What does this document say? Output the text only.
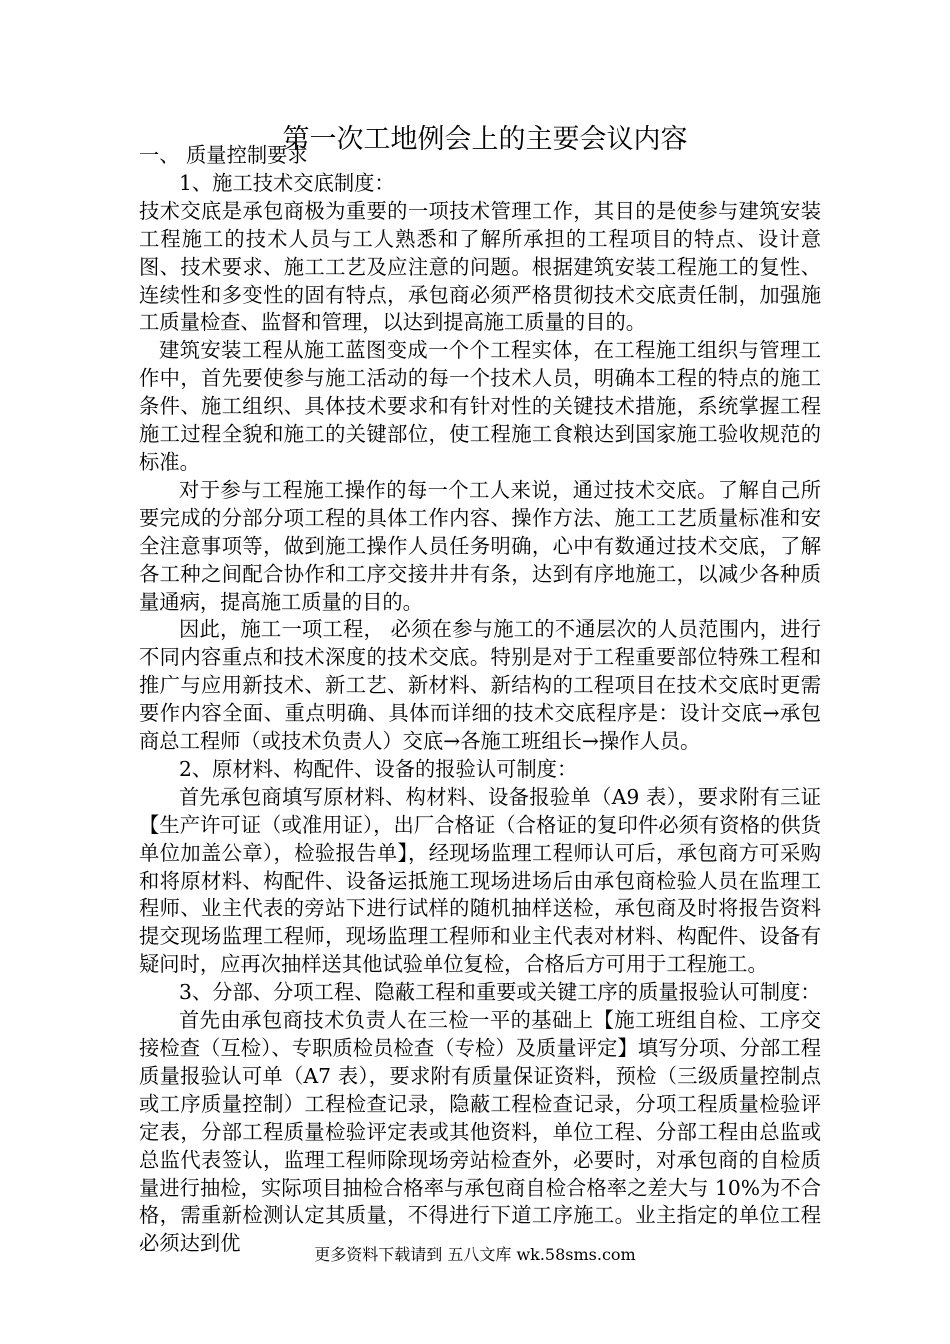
第一次工地例会上的主要会议内容

一、 质量控制要求

1、施工技术交底制度：

技术交底是承包商极为重要的一项技术管理工作，其目的是使参与建筑安装工程施工的技术人员与工人熟悉和了解所承担的工程项目的特点、设计意图、技术要求、施工工艺及应注意的问题。根据建筑安装工程施工的复性、连续性和多变性的固有特点，承包商必须严格贯彻技术交底责任制，加强施工质量检查、监督和管理，以达到提高施工质量的目的。

建筑安装工程从施工蓝图变成一个个工程实体，在工程施工组织与管理工作中，首先要使参与施工活动的每一个技术人员，明确本工程的特点的施工条件、施工组织、具体技术要求和有针对性的关键技术措施，系统掌握工程施工过程全貌和施工的关键部位，使工程施工食粮达到国家施工验收规范的标准。

对于参与工程施工操作的每一个工人来说，通过技术交底。了解自己所要完成的分部分项工程的具体工作内容、操作方法、施工工艺质量标准和安全注意事项等，做到施工操作人员任务明确，心中有数通过技术交底，了解各工种之间配合协作和工序交接井井有条，达到有序地施工，以减少各种质量通病，提高施工质量的目的。

因此，施工一项工程， 必须在参与施工的不通层次的人员范围内，进行不同内容重点和技术深度的技术交底。特别是对于工程重要部位特殊工程和推广与应用新技术、新工艺、新材料、新结构的工程项目在技术交底时更需要作内容全面、重点明确、具体而详细的技术交底程序是：设计交底→承包商总工程师（或技术负责人）交底→各施工班组长→操作人员。

2、原材料、构配件、设备的报验认可制度：

首先承包商填写原材料、构材料、设备报验单（A9 表），要求附有三证【生产许可证（或准用证），出厂合格证（合格证的复印件必须有资格的供货单位加盖公章），检验报告单】，经现场监理工程师认可后，承包商方可采购和将原材料、构配件、设备运抵施工现场进场后由承包商检验人员在监理工程师、业主代表的旁站下进行试样的随机抽样送检，承包商及时将报告资料提交现场监理工程师，现场监理工程师和业主代表对材料、构配件、设备有疑问时，应再次抽样送其他试验单位复检，合格后方可用于工程施工。

3、分部、分项工程、隐蔽工程和重要或关键工序的质量报验认可制度：

首先由承包商技术负责人在三检一平的基础上【施工班组自检、工序交接检查（互检）、专职质检员检查（专检）及质量评定】填写分项、分部工程质量报验认可单（A7 表），要求附有质量保证资料，预检（三级质量控制点或工序质量控制）工程检查记录，隐蔽工程检查记录，分项工程质量检验评定表，分部工程质量检验评定表或其他资料，单位工程、分部工程由总监或总监代表签认，监理工程师除现场旁站检查外，必要时，对承包商的自检质量进行抽检，实际项目抽检合格率与承包商自检合格率之差大与 10%为不合格，需重新检测认定其质量，不得进行下道工序施工。业主指定的单位工程必须达到优	更多资料下载请到 五八文库 wk.58sms.com
